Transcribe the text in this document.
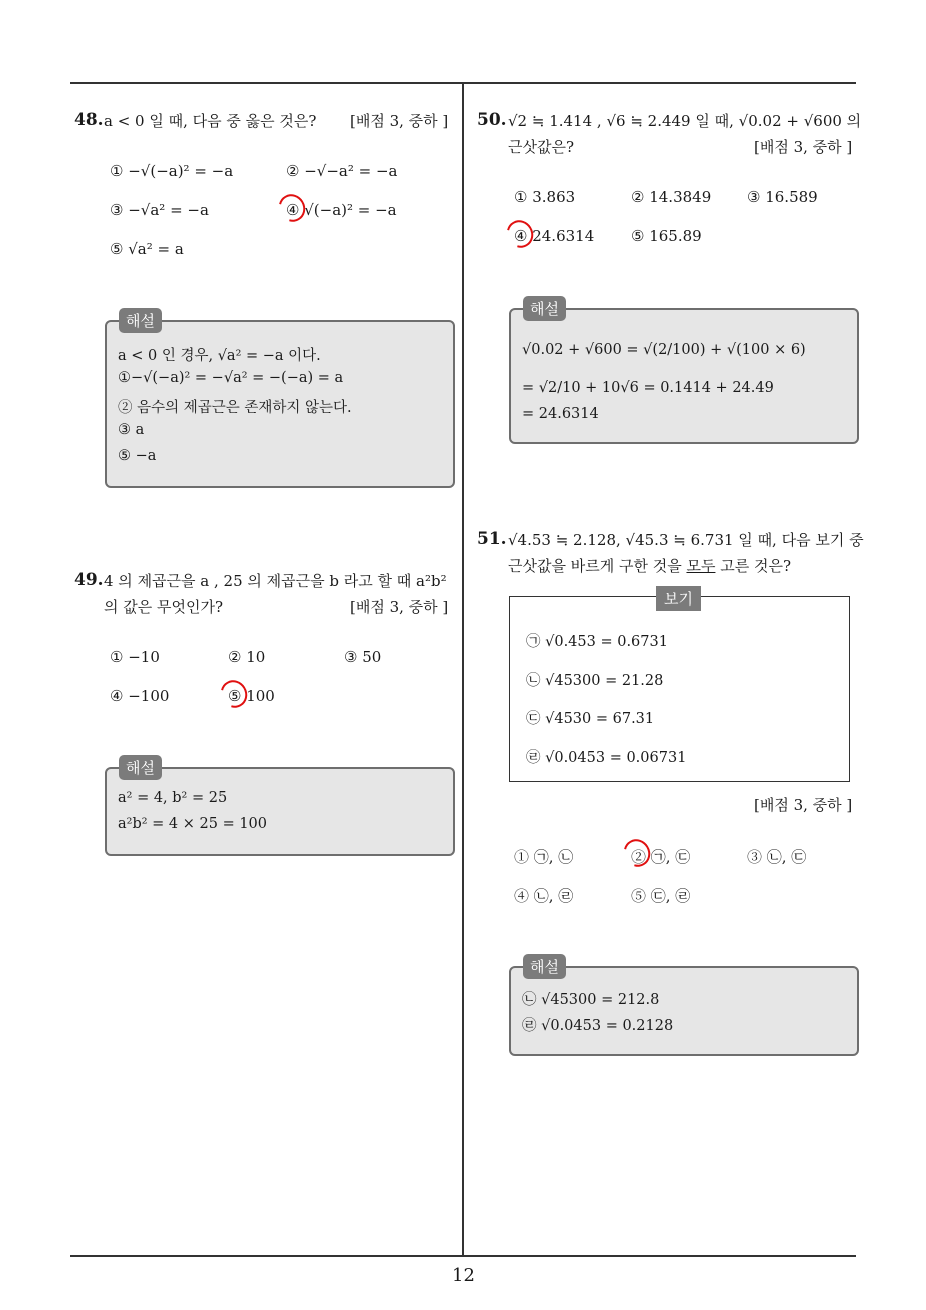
12
48. a < 0 일 때, 다음 중 옳은 것은? [배점 3, 중하 ]
① −√(−a)² = −a	② −√−a² = −a
③ −√a² = −a	④ √(−a)² = −a
⑤ √a² = a
해설
a < 0 인 경우, √a² = −a 이다.
①−√(−a)² = −√a² = −(−a) = a
② 음수의 제곱근은 존재하지 않는다.
③ a
⑤ −a
49. 4 의 제곱근을 a , 25 의 제곱근을 b 라고 할 때 a²b²
의 값은 무엇인가?	[배점 3, 중하 ]
① −10	② 10	③ 50
④ −100	⑤ 100
해설
a² = 4, b² = 25
a²b² = 4 × 25 = 100
50. √2 ≒ 1.414 , √6 ≒ 2.449 일 때, √0.02 + √600 의
근삿값은?	[배점 3, 중하 ]
① 3.863	② 14.3849 ③ 16.589
④ 24.6314 ⑤ 165.89
해설
√0.02 + √600 = √(2/100) + √(100 × 6)
= √2/10 + 10√6 = 0.1414 + 24.49
= 24.6314
51. √4.53 ≒ 2.128, √45.3 ≒ 6.731 일 때, 다음 보기 중
근삿값을 바르게 구한 것을 모두 고른 것은?
보기
㉠ √0.453 = 0.6731
㉡ √45300 = 21.28
㉢ √4530 = 67.31
㉣ √0.0453 = 0.06731
[배점 3, 중하 ]
① ㉠, ㉡	② ㉠, ㉢	③ ㉡, ㉢
④ ㉡, ㉣	⑤ ㉢, ㉣
해설
㉡ √45300 = 212.8
㉣ √0.0453 = 0.2128
